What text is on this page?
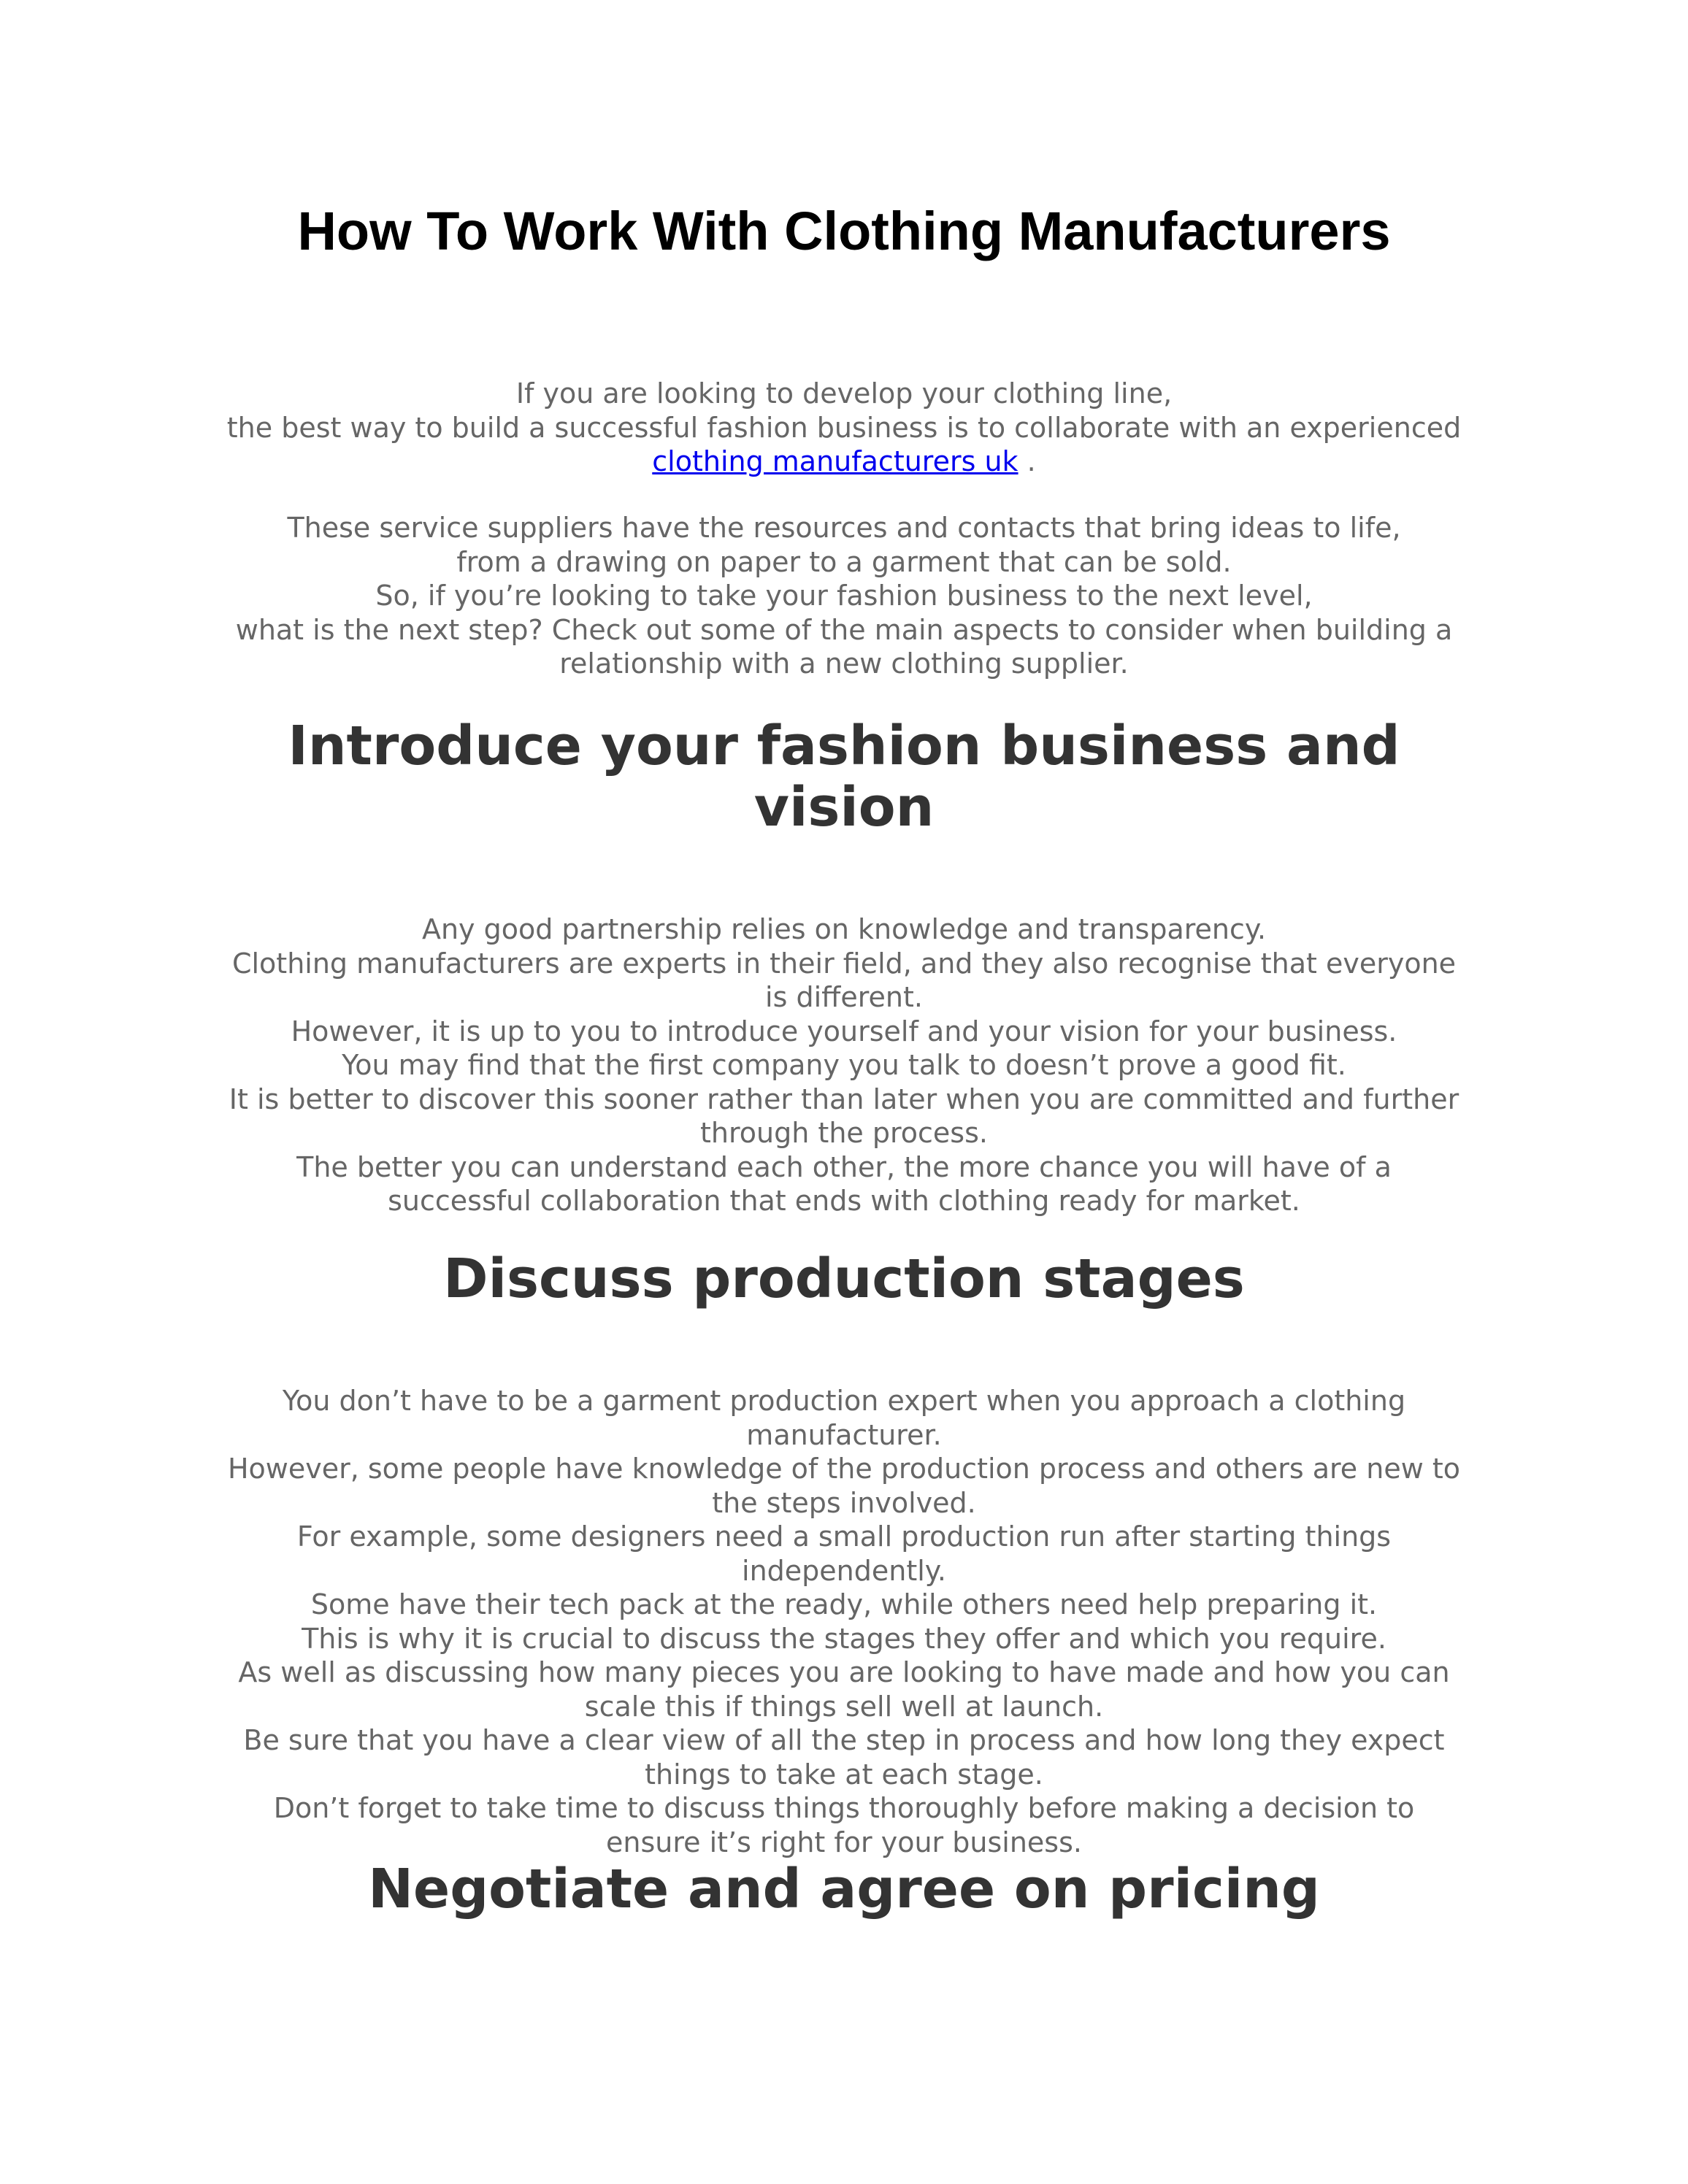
How To Work With Clothing Manufacturers

If you are looking to develop your clothing line,
the best way to build a successful fashion business is to collaborate with an experienced
clothing manufacturers uk .

These service suppliers have the resources and contacts that bring ideas to life,
from a drawing on paper to a garment that can be sold.
So, if you’re looking to take your fashion business to the next level,
what is the next step? Check out some of the main aspects to consider when building a
relationship with a new clothing supplier.

Introduce your fashion business and
vision

Any good partnership relies on knowledge and transparency.
Clothing manufacturers are experts in their field, and they also recognise that everyone
is different.
However, it is up to you to introduce yourself and your vision for your business.
You may find that the first company you talk to doesn’t prove a good fit.
It is better to discover this sooner rather than later when you are committed and further
through the process.
The better you can understand each other, the more chance you will have of a
successful collaboration that ends with clothing ready for market.

Discuss production stages

You don’t have to be a garment production expert when you approach a clothing
manufacturer.
However, some people have knowledge of the production process and others are new to
the steps involved.
For example, some designers need a small production run after starting things
independently.
Some have their tech pack at the ready, while others need help preparing it.
This is why it is crucial to discuss the stages they offer and which you require.
As well as discussing how many pieces you are looking to have made and how you can
scale this if things sell well at launch.
Be sure that you have a clear view of all the step in process and how long they expect
things to take at each stage.
Don’t forget to take time to discuss things thoroughly before making a decision to
ensure it’s right for your business.

Negotiate and agree on pricing
